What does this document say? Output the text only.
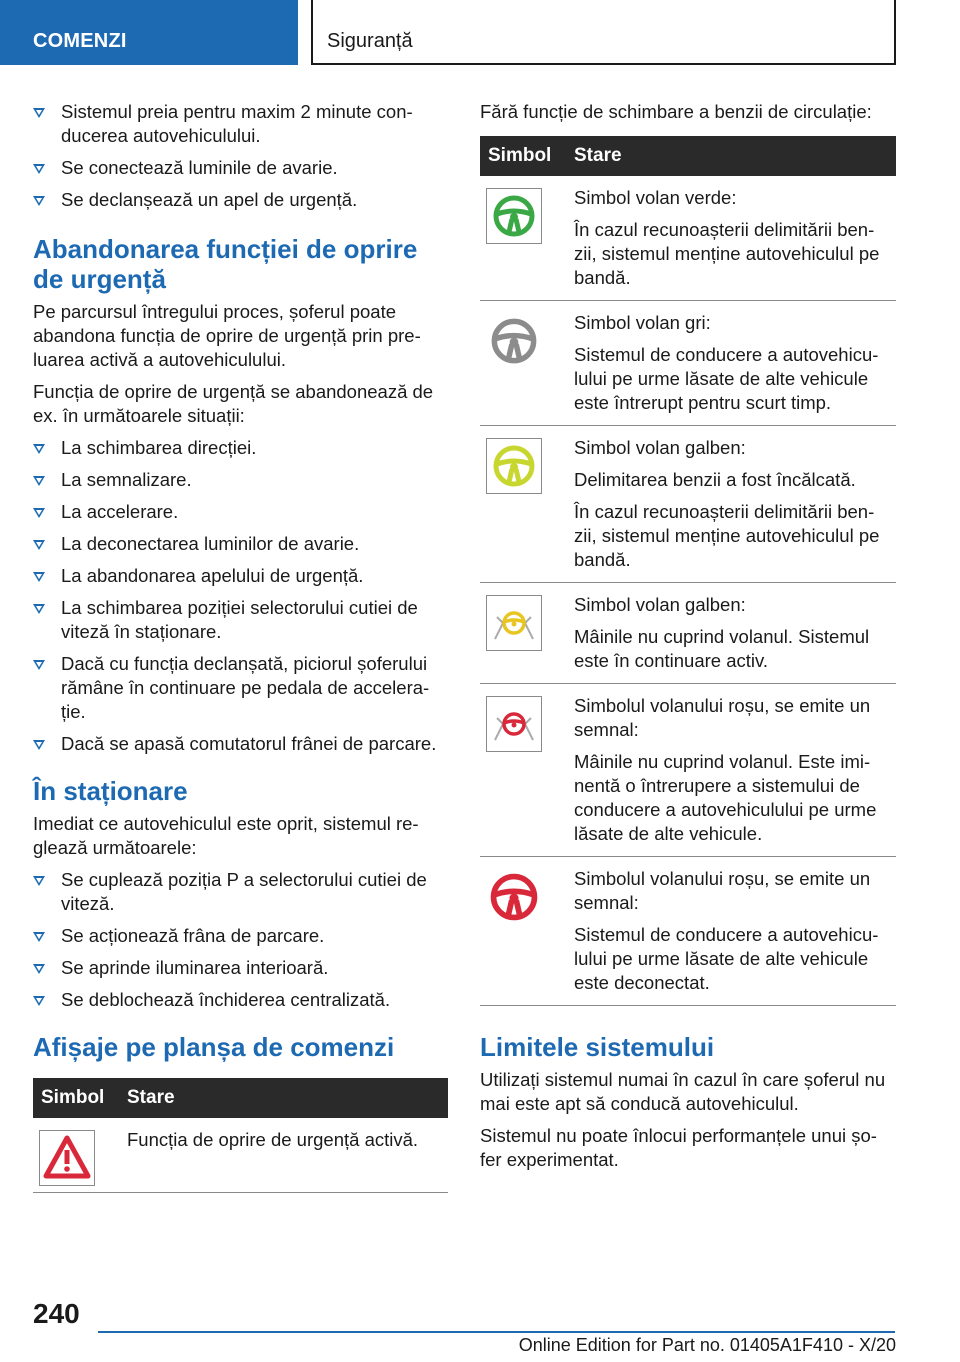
COMENZI	Siguranță
Sistemul preia pentru maxim 2 minute con-ducerea autovehiculului.
Se conectează luminile de avarie.
Se declanșează un apel de urgență.
Abandonarea funcției de oprire de urgență

Pe parcursul întregului proces, șoferul poate abandona funcția de oprire de urgență prin pre-luarea activă a autovehiculului.

Funcția de oprire de urgență se abandonează de ex. în următoarele situații:

La schimbarea direcției.
La semnalizare.
La accelerare.
La deconectarea luminilor de avarie.
La abandonarea apelului de urgență.
La schimbarea poziției selectorului cutiei de viteză în staționare.
Dacă cu funcția declanșată, piciorul șoferului rămâne în continuare pe pedala de accelera-ție.
Dacă se apasă comutatorul frânei de parcare.
În staționare

Imediat ce autovehiculul este oprit, sistemul re-glează următoarele:

Se cuplează poziția P a selectorului cutiei de viteză.
Se acționează frâna de parcare.
Se aprinde iluminarea interioară.
Se deblochează închiderea centralizată.
Afișaje pe planșa de comenzi
Simbol	Stare

Funcția de oprire de urgență activă.

Fără funcție de schimbare a benzii de circulație:

Simbol	Stare

Simbol volan verde:

În cazul recunoașterii delimitării ben-zii, sistemul menține autovehiculul pe bandă.

Simbol volan gri:

Sistemul de conducere a autovehicu-lului pe urme lăsate de alte vehicule este întrerupt pentru scurt timp.

Simbol volan galben:

Delimitarea benzii a fost încălcată.

În cazul recunoașterii delimitării ben-zii, sistemul menține autovehiculul pe bandă.

Simbol volan galben:

Mâinile nu cuprind volanul. Sistemul este în continuare activ.

Simbolul volanului roșu, se emite un semnal:

Mâinile nu cuprind volanul. Este imi-nentă o întrerupere a sistemului de conducere a autovehiculului pe urme lăsate de alte vehicule.

Simbolul volanului roșu, se emite un semnal:

Sistemul de conducere a autovehicu-lului pe urme lăsate de alte vehicule este deconectat.

Limitele sistemului

Utilizați sistemul numai în cazul în care șoferul nu mai este apt să conducă autovehiculul.

Sistemul nu poate înlocui performanțele unui șo-fer experimentat.

240
Online Edition for Part no. 01405A1F410 - X/20
